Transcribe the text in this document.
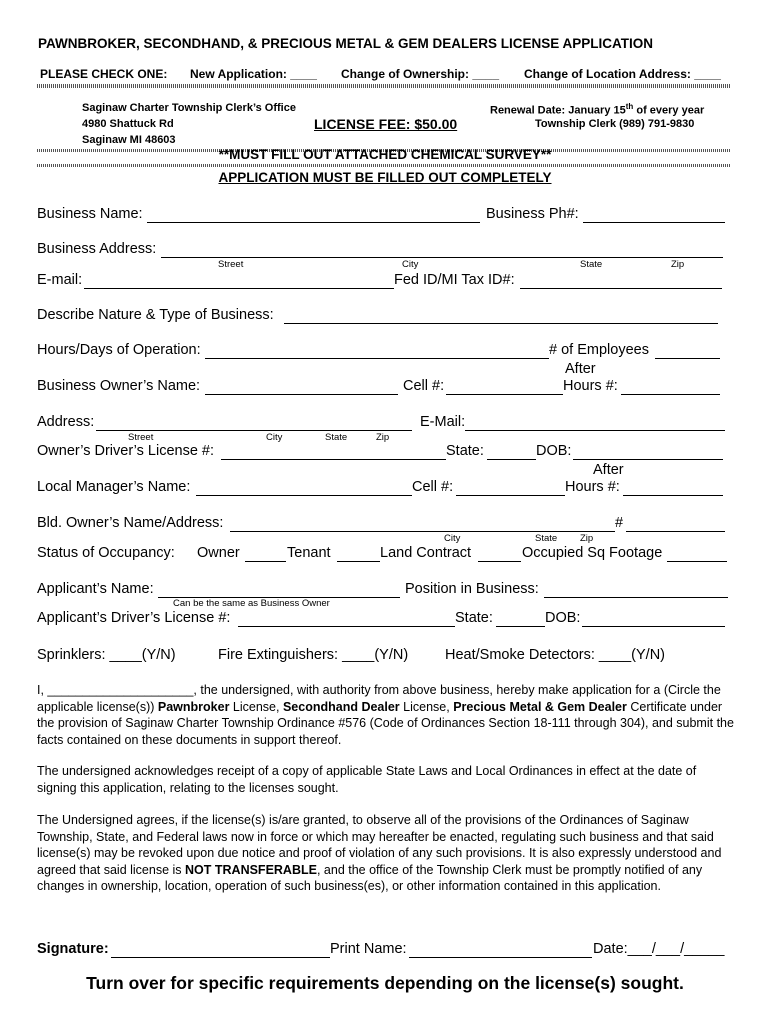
PAWNBROKER, SECONDHAND, & PRECIOUS METAL & GEM DEALERS LICENSE APPLICATION
PLEASE CHECK ONE: New Application: ____ Change of Ownership: ____ Change of Location Address: ____
Saginaw Charter Township Clerk’s Office
4980 Shattuck Rd
Saginaw MI 48603
LICENSE FEE: $50.00
Renewal Date: January 15th of every year
Township Clerk (989) 791-9830
**MUST FILL OUT ATTACHED CHEMICAL SURVEY**
APPLICATION MUST BE FILLED OUT COMPLETELY
Business Name:	Business Ph#:
Business Address:
Street	City	State	Zip
E-mail:	Fed ID/MI Tax ID#:
Describe Nature & Type of Business:
Hours/Days of Operation:	# of Employees
After
Business Owner’s Name:	Cell #:	Hours #:
Address:
Street	City	State	Zip
E-Mail:
Owner’s Driver’s License #:	State:	DOB:
After
Local Manager’s Name:	Cell #:	Hours #:
Bld. Owner’s Name/Address:	#
City	State Zip
Status of Occupancy: Owner	Tenant	Land Contract	Occupied Sq Footage
Applicant’s Name:	Position in Business:
Can be the same as Business Owner
Applicant’s Driver’s License #:	State:	DOB:
Sprinklers: ____(Y/N)	Fire Extinguishers: ____(Y/N)	Heat/Smoke Detectors: ____(Y/N)
I, _____________________, the undersigned, with authority from above business, hereby make application for a (Circle the applicable license(s)) Pawnbroker License, Secondhand Dealer License, Precious Metal & Gem Dealer Certificate under the provision of Saginaw Charter Township Ordinance #576 (Code of Ordinances Section 18-111 through 304), and submit the facts contained on these documents in support thereof.
The undersigned acknowledges receipt of a copy of applicable State Laws and Local Ordinances in effect at the date of signing this application, relating to the licenses sought.
The Undersigned agrees, if the license(s) is/are granted, to observe all of the provisions of the Ordinances of Saginaw Township, State, and Federal laws now in force or which may hereafter be enacted, regulating such business and that said license(s) may be revoked upon due notice and proof of violation of any such provisions. It is also expressly understood and agreed that said license is NOT TRANSFERABLE, and the office of the Township Clerk must be promptly notified of any changes in ownership, location, operation of such business(es), or other information contained in this application.
Signature:	Print Name:	Date:___/___/_____
Turn over for specific requirements depending on the license(s) sought.
